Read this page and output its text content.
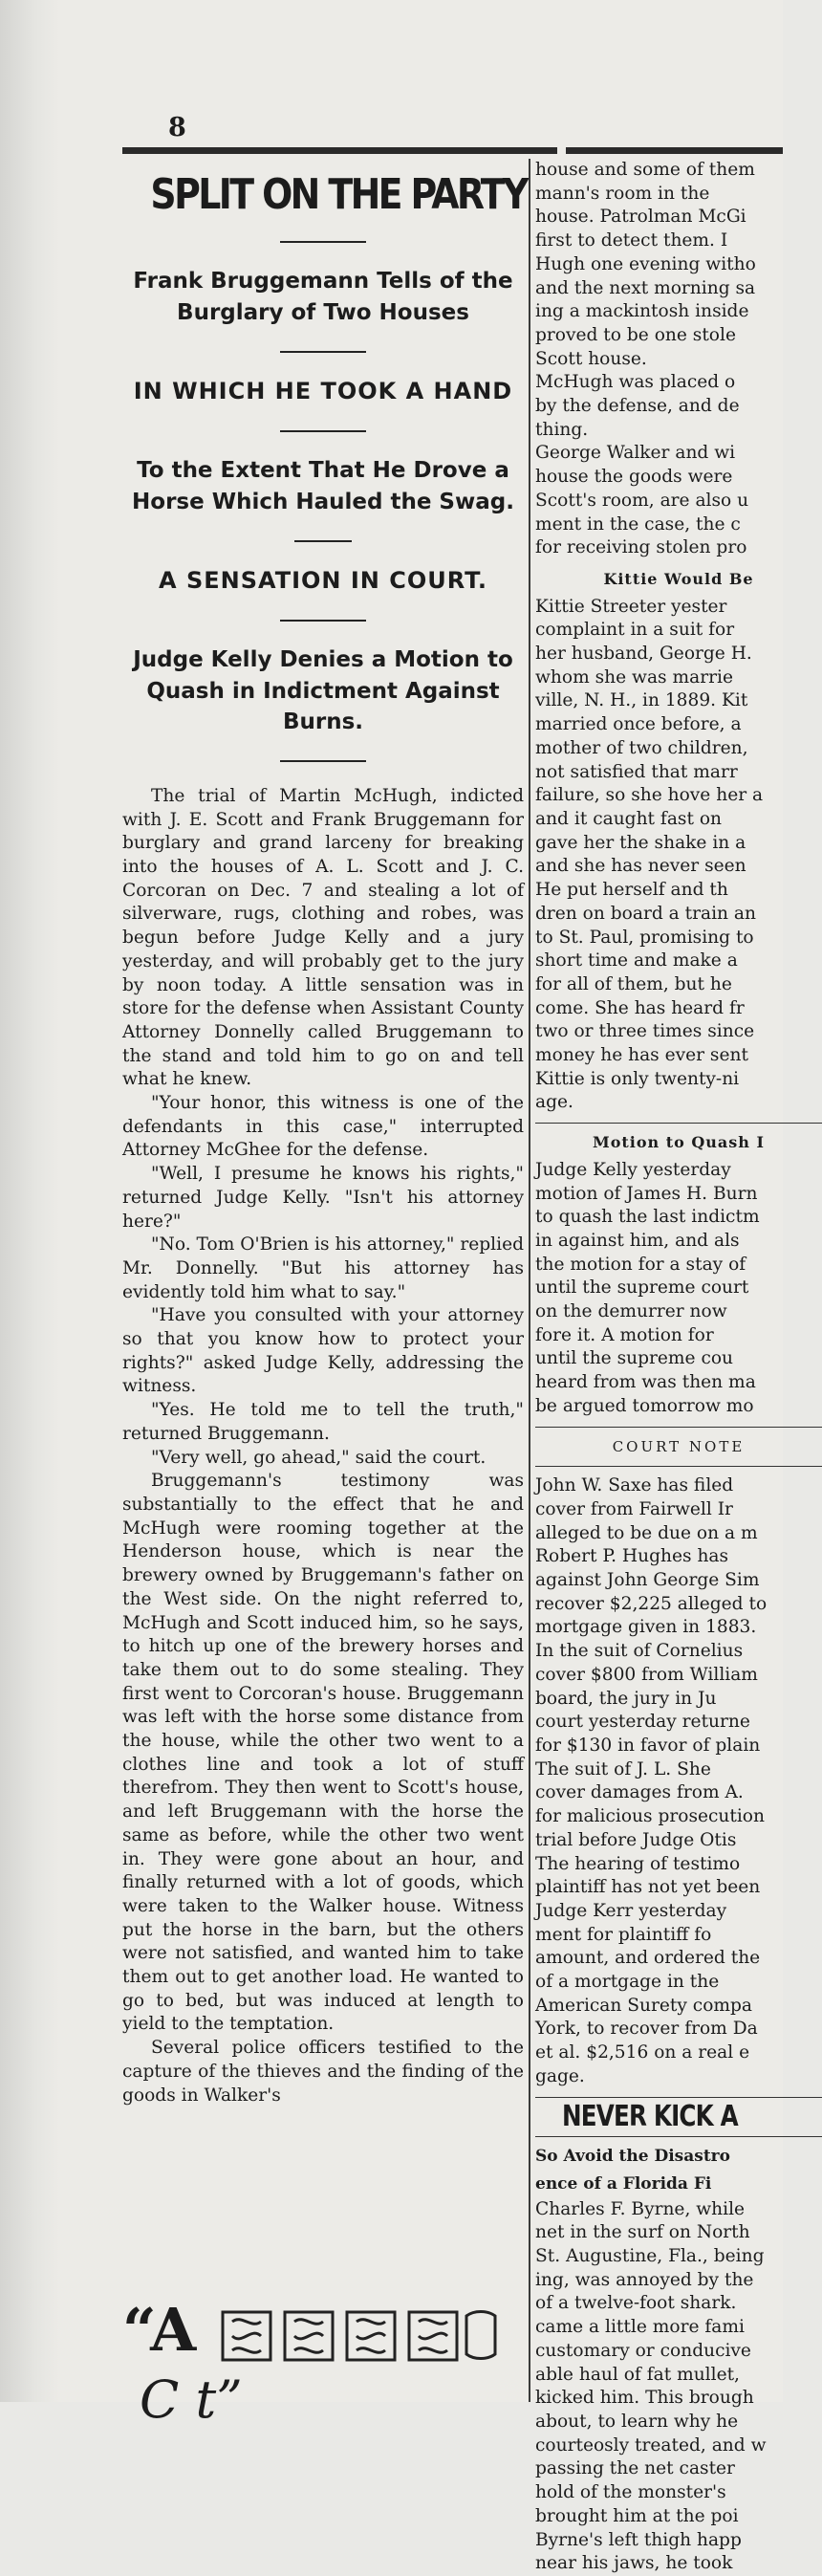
8
SPLIT ON THE PARTY
Frank Bruggemann Tells of the Burglary of Two Houses
IN WHICH HE TOOK A HAND
To the Extent That He Drove a Horse Which Hauled the Swag.
A SENSATION IN COURT.
Judge Kelly Denies a Motion to Quash in Indictment Against Burns.

The trial of Martin McHugh, indicted with J. E. Scott and Frank Bruggemann for burglary and grand larceny for breaking into the houses of A. L. Scott and J. C. Corcoran on Dec. 7 and stealing a lot of silverware, rugs, clothing and robes, was begun before Judge Kelly and a jury yesterday, and will probably get to the jury by noon today. A little sensation was in store for the defense when Assistant County Attorney Donnelly called Bruggemann to the stand and told him to go on and tell what he knew.

"Your honor, this witness is one of the defendants in this case," interrupted Attorney McGhee for the defense.

"Well, I presume he knows his rights," returned Judge Kelly. "Isn't his attorney here?"

"No. Tom O'Brien is his attorney," replied Mr. Donnelly. "But his attorney has evidently told him what to say."

"Have you consulted with your attorney so that you know how to protect your rights?" asked Judge Kelly, addressing the witness.

"Yes. He told me to tell the truth," returned Bruggemann.

"Very well, go ahead," said the court.

Bruggemann's testimony was substantially to the effect that he and McHugh were rooming together at the Henderson house, which is near the brewery owned by Bruggemann's father on the West side. On the night referred to, McHugh and Scott induced him, so he says, to hitch up one of the brewery horses and take them out to do some stealing. They first went to Corcoran's house. Bruggemann was left with the horse some distance from the house, while the other two went to a clothes line and took a lot of stuff therefrom. They then went to Scott's house, and left Bruggemann with the horse the same as before, while the other two went in. They were gone about an hour, and finally returned with a lot of goods, which were taken to the Walker house. Witness put the horse in the barn, but the others were not satisfied, and wanted him to take them out to get another load. He wanted to go to bed, but was induced at length to yield to the temptation.

Several police officers testified to the capture of the thieves and the finding of the goods in Walker's

house and some of them

mann's room in the

house. Patrolman McGi

first to detect them. I

Hugh one evening witho

and the next morning sa

ing a mackintosh inside

proved to be one stole

Scott house.

McHugh was placed o

by the defense, and de

thing.

George Walker and wi

house the goods were

Scott's room, are also u

ment in the case, the c

for receiving stolen pro

Kittie Would Be

Kittie Streeter yester

complaint in a suit for

her husband, George H.

whom she was marrie

ville, N. H., in 1889. Kit

married once before, a

mother of two children,

not satisfied that marr

failure, so she hove her a

and it caught fast on

gave her the shake in a

and she has never seen

He put herself and th

dren on board a train an

to St. Paul, promising to

short time and make a

for all of them, but he

come. She has heard fr

two or three times since

money he has ever sent

Kittie is only twenty-ni

age.

Motion to Quash I

Judge Kelly yesterday

motion of James H. Burn

to quash the last indictm

in against him, and als

the motion for a stay of

until the supreme court

on the demurrer now

fore it. A motion for

until the supreme cou

heard from was then ma

be argued tomorrow mo

COURT NOTE

John W. Saxe has filed

cover from Fairwell Ir

alleged to be due on a m

Robert P. Hughes has

against John George Sim

recover $2,225 alleged to

mortgage given in 1883.

In the suit of Cornelius

cover $800 from William

board, the jury in Ju

court yesterday returne

for $130 in favor of plain

The suit of J. L. She

cover damages from A.

for malicious prosecution

trial before Judge Otis

The hearing of testimo

plaintiff has not yet been

Judge Kerr yesterday

ment for plaintiff fo

amount, and ordered the

of a mortgage in the

American Surety compa

York, to recover from Da

et al. $2,516 on a real e

gage.

NEVER KICK A
So Avoid the Disastro
ence of a Florida Fi

Charles F. Byrne, while

net in the surf on North

St. Augustine, Fla., being

ing, was annoyed by the

of a twelve-foot shark.

came a little more fami

customary or conducive

able haul of fat mullet,

kicked him. This brough

about, to learn why he

courteosly treated, and w

passing the net caster

hold of the monster's

brought him at the poi

Byrne's left thigh happ

near his jaws, he took

“A
C t”
